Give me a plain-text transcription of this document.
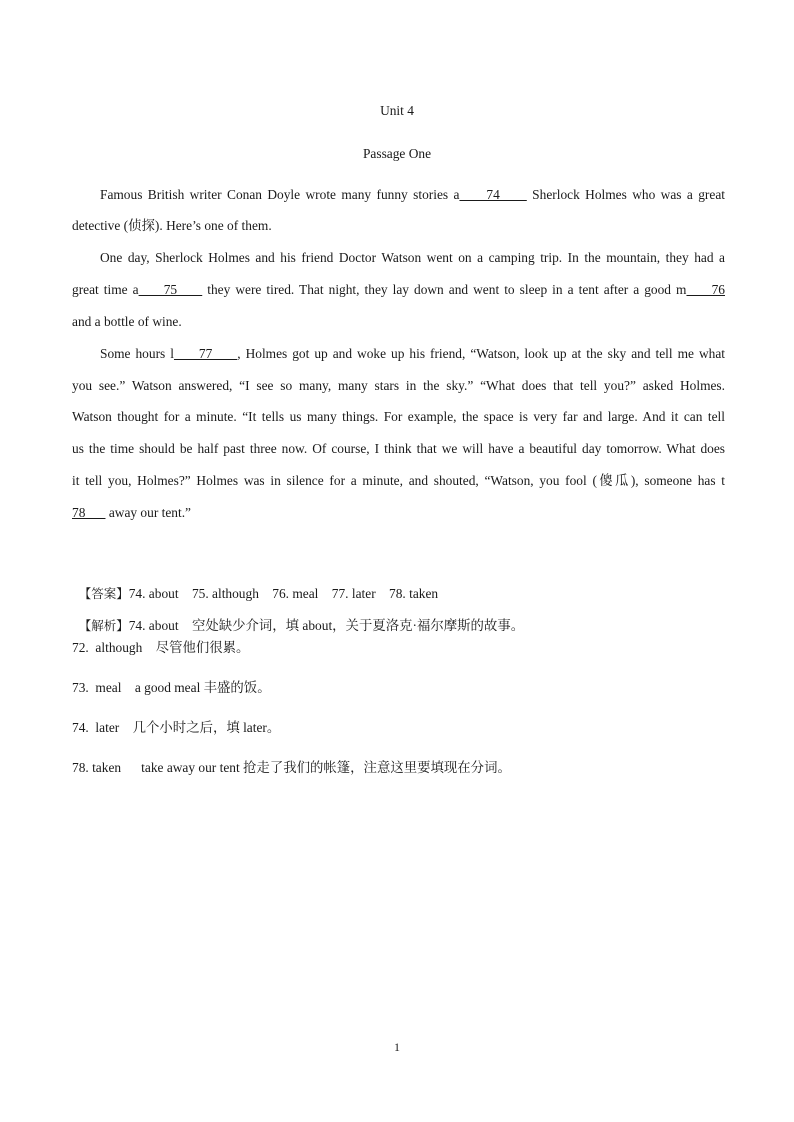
Unit 4
Passage One
Famous British writer Conan Doyle wrote many funny stories a     74      Sherlock Holmes who was a great
detective (侦探). Here’s one of them.
One day, Sherlock Holmes and his friend Doctor Watson went on a camping trip. In the mountain, they had a
great time a     75      they were tired. That night, they lay down and went to sleep in a tent after a good m     76
and a bottle of wine.
Some hours l     77     , Holmes got up and woke up his friend, “Watson, look up at the sky and tell me what
you see.” Watson answered, “I see so many, many stars in the sky.” “What does that tell you?” asked Holmes.
Watson thought for a minute. “It tells us many things. For example, the space is very far and large. And it can tell
us the time should be half past three now. Of course, I think that we will have a beautiful day tomorrow. What does
it tell you, Holmes?” Holmes was in silence for a minute, and shouted, “Watson, you fool (傻瓜), someone has t
78       away our tent.”

【答案】74. about    75. although    76. meal    77. later    78. taken

【解析】74. about    空处缺少介词，填 about，关于夏洛克·福尔摩斯的故事。

72.  although    尽管他们很累。
73.  meal    a good meal 丰盛的饭。
74.  later    几个小时之后，填 later。
78. taken      take away our tent 抢走了我们的帐篷，注意这里要填现在分词。
1
